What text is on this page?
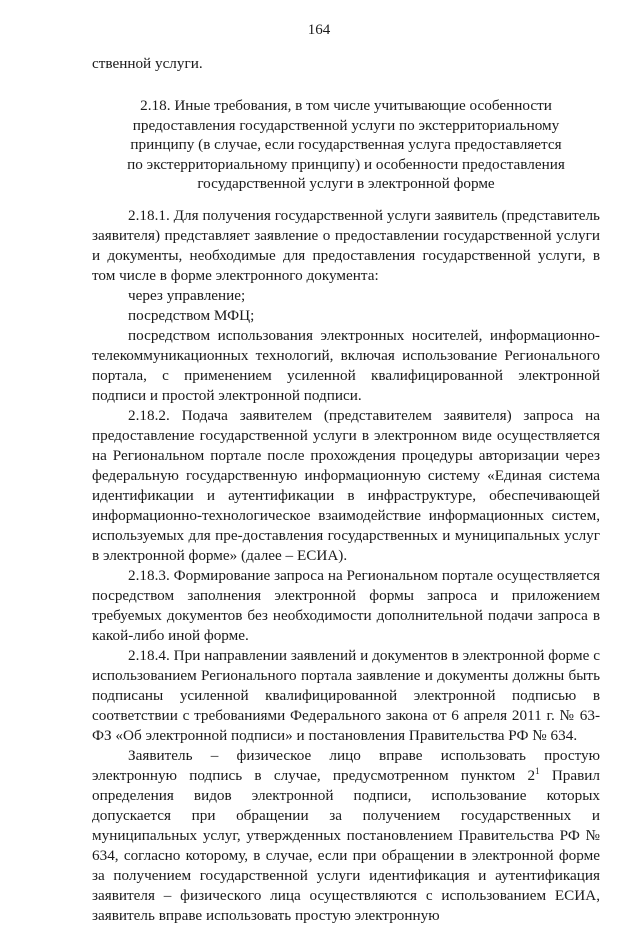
164

ственной услуги.

2.18. Иные требования, в том числе учитывающие особенности предоставления государственной услуги по экстерриториальному принципу (в случае, если государственная услуга предоставляется по экстерриториальному принципу) и особенности предоставления государственной услуги в электронной форме

2.18.1. Для получения государственной услуги заявитель (представитель заявителя) представляет заявление о предоставлении государственной услуги и документы, необходимые для предоставления государственной услуги, в том числе в форме электронного документа:

через управление;

посредством МФЦ;

посредством использования электронных носителей, информационно-телекоммуникационных технологий, включая использование Регионального портала, с применением усиленной квалифицированной электронной подписи и простой электронной подписи.

2.18.2. Подача заявителем (представителем заявителя) запроса на предоставление государственной услуги в электронном виде осуществляется на Региональном портале после прохождения процедуры авторизации через федеральную государственную информационную систему «Единая система идентификации и аутентификации в инфраструктуре, обеспечивающей информационно-технологическое взаимодействие информационных систем, используемых для пре-доставления государственных и муниципальных услуг в электронной форме» (далее – ЕСИА).

2.18.3. Формирование запроса на Региональном портале осуществляется посредством заполнения электронной формы запроса и приложением требуемых документов без необходимости дополнительной подачи запроса в какой-либо иной форме.

2.18.4. При направлении заявлений и документов в электронной форме с использованием Регионального портала заявление и документы должны быть подписаны усиленной квалифицированной электронной подписью в соответствии с требованиями Федерального закона от 6 апреля 2011 г. № 63-ФЗ «Об электронной подписи» и постановления Правительства РФ № 634.

Заявитель – физическое лицо вправе использовать простую электронную подпись в случае, предусмотренном пунктом $2^1$ Правил определения видов электронной подписи, использование которых допускается при обращении за получением государственных и муниципальных услуг, утвержденных постановлением Правительства РФ № 634, согласно которому, в случае, если при обращении в электронной форме за получением государственной услуги идентификация и аутентификация заявителя – физического лица осуществляются с использованием ЕСИА, заявитель вправе использовать простую электронную
